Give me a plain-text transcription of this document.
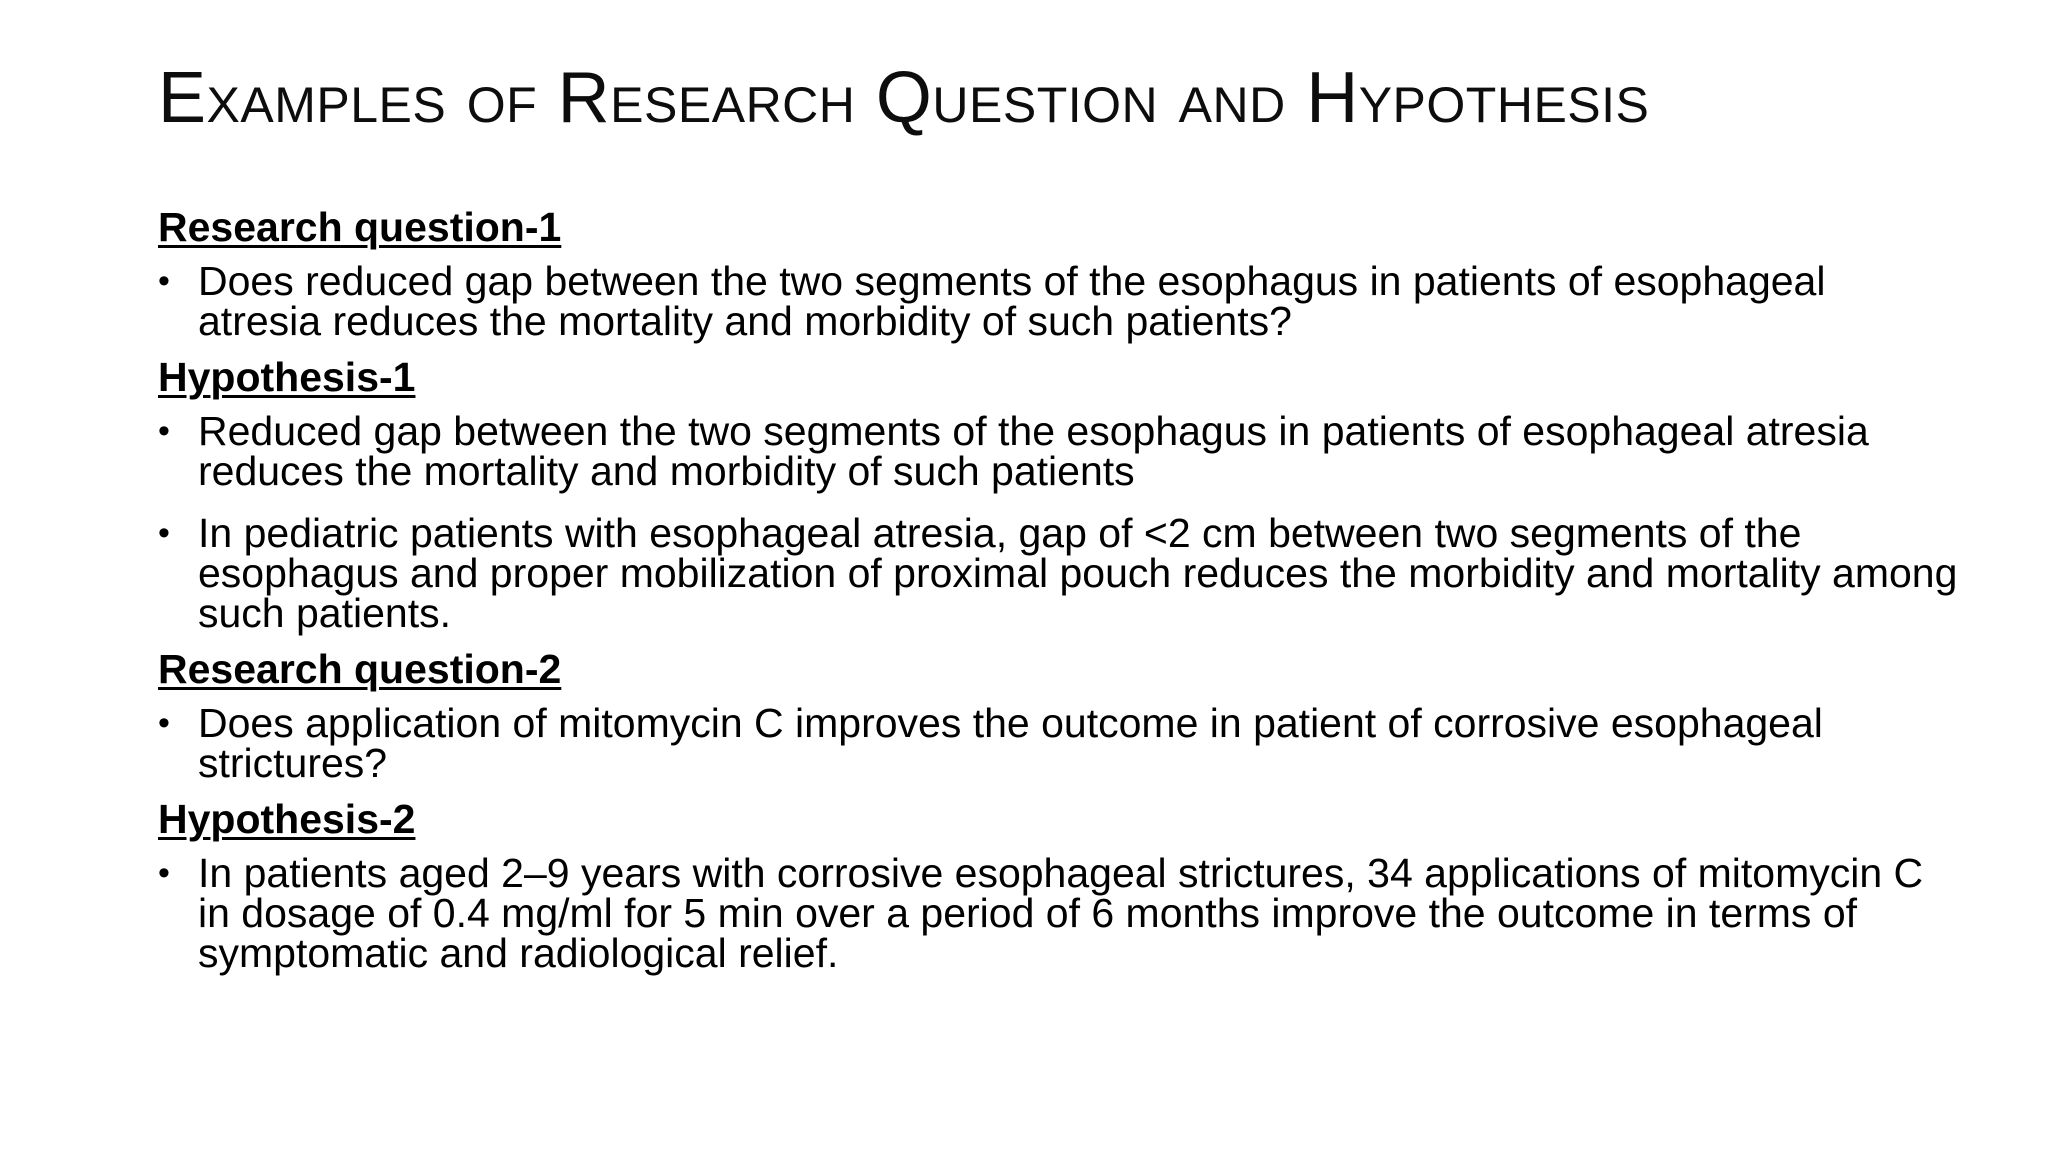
Examples of Research Question and Hypothesis

Research question-1

• Does reduced gap between the two segments of the esophagus in patients of esophageal atresia reduces the mortality and morbidity of such patients?

Hypothesis-1

• Reduced gap between the two segments of the esophagus in patients of esophageal atresia reduces the mortality and morbidity of such patients
• In pediatric patients with esophageal atresia, gap of <2 cm between two segments of the esophagus and proper mobilization of proximal pouch reduces the morbidity and mortality among such patients.

Research question-2

• Does application of mitomycin C improves the outcome in patient of corrosive esophageal strictures?

Hypothesis-2

• In patients aged 2–9 years with corrosive esophageal strictures, 34 applications of mitomycin C in dosage of 0.4 mg/ml for 5 min over a period of 6 months improve the outcome in terms of symptomatic and radiological relief.
